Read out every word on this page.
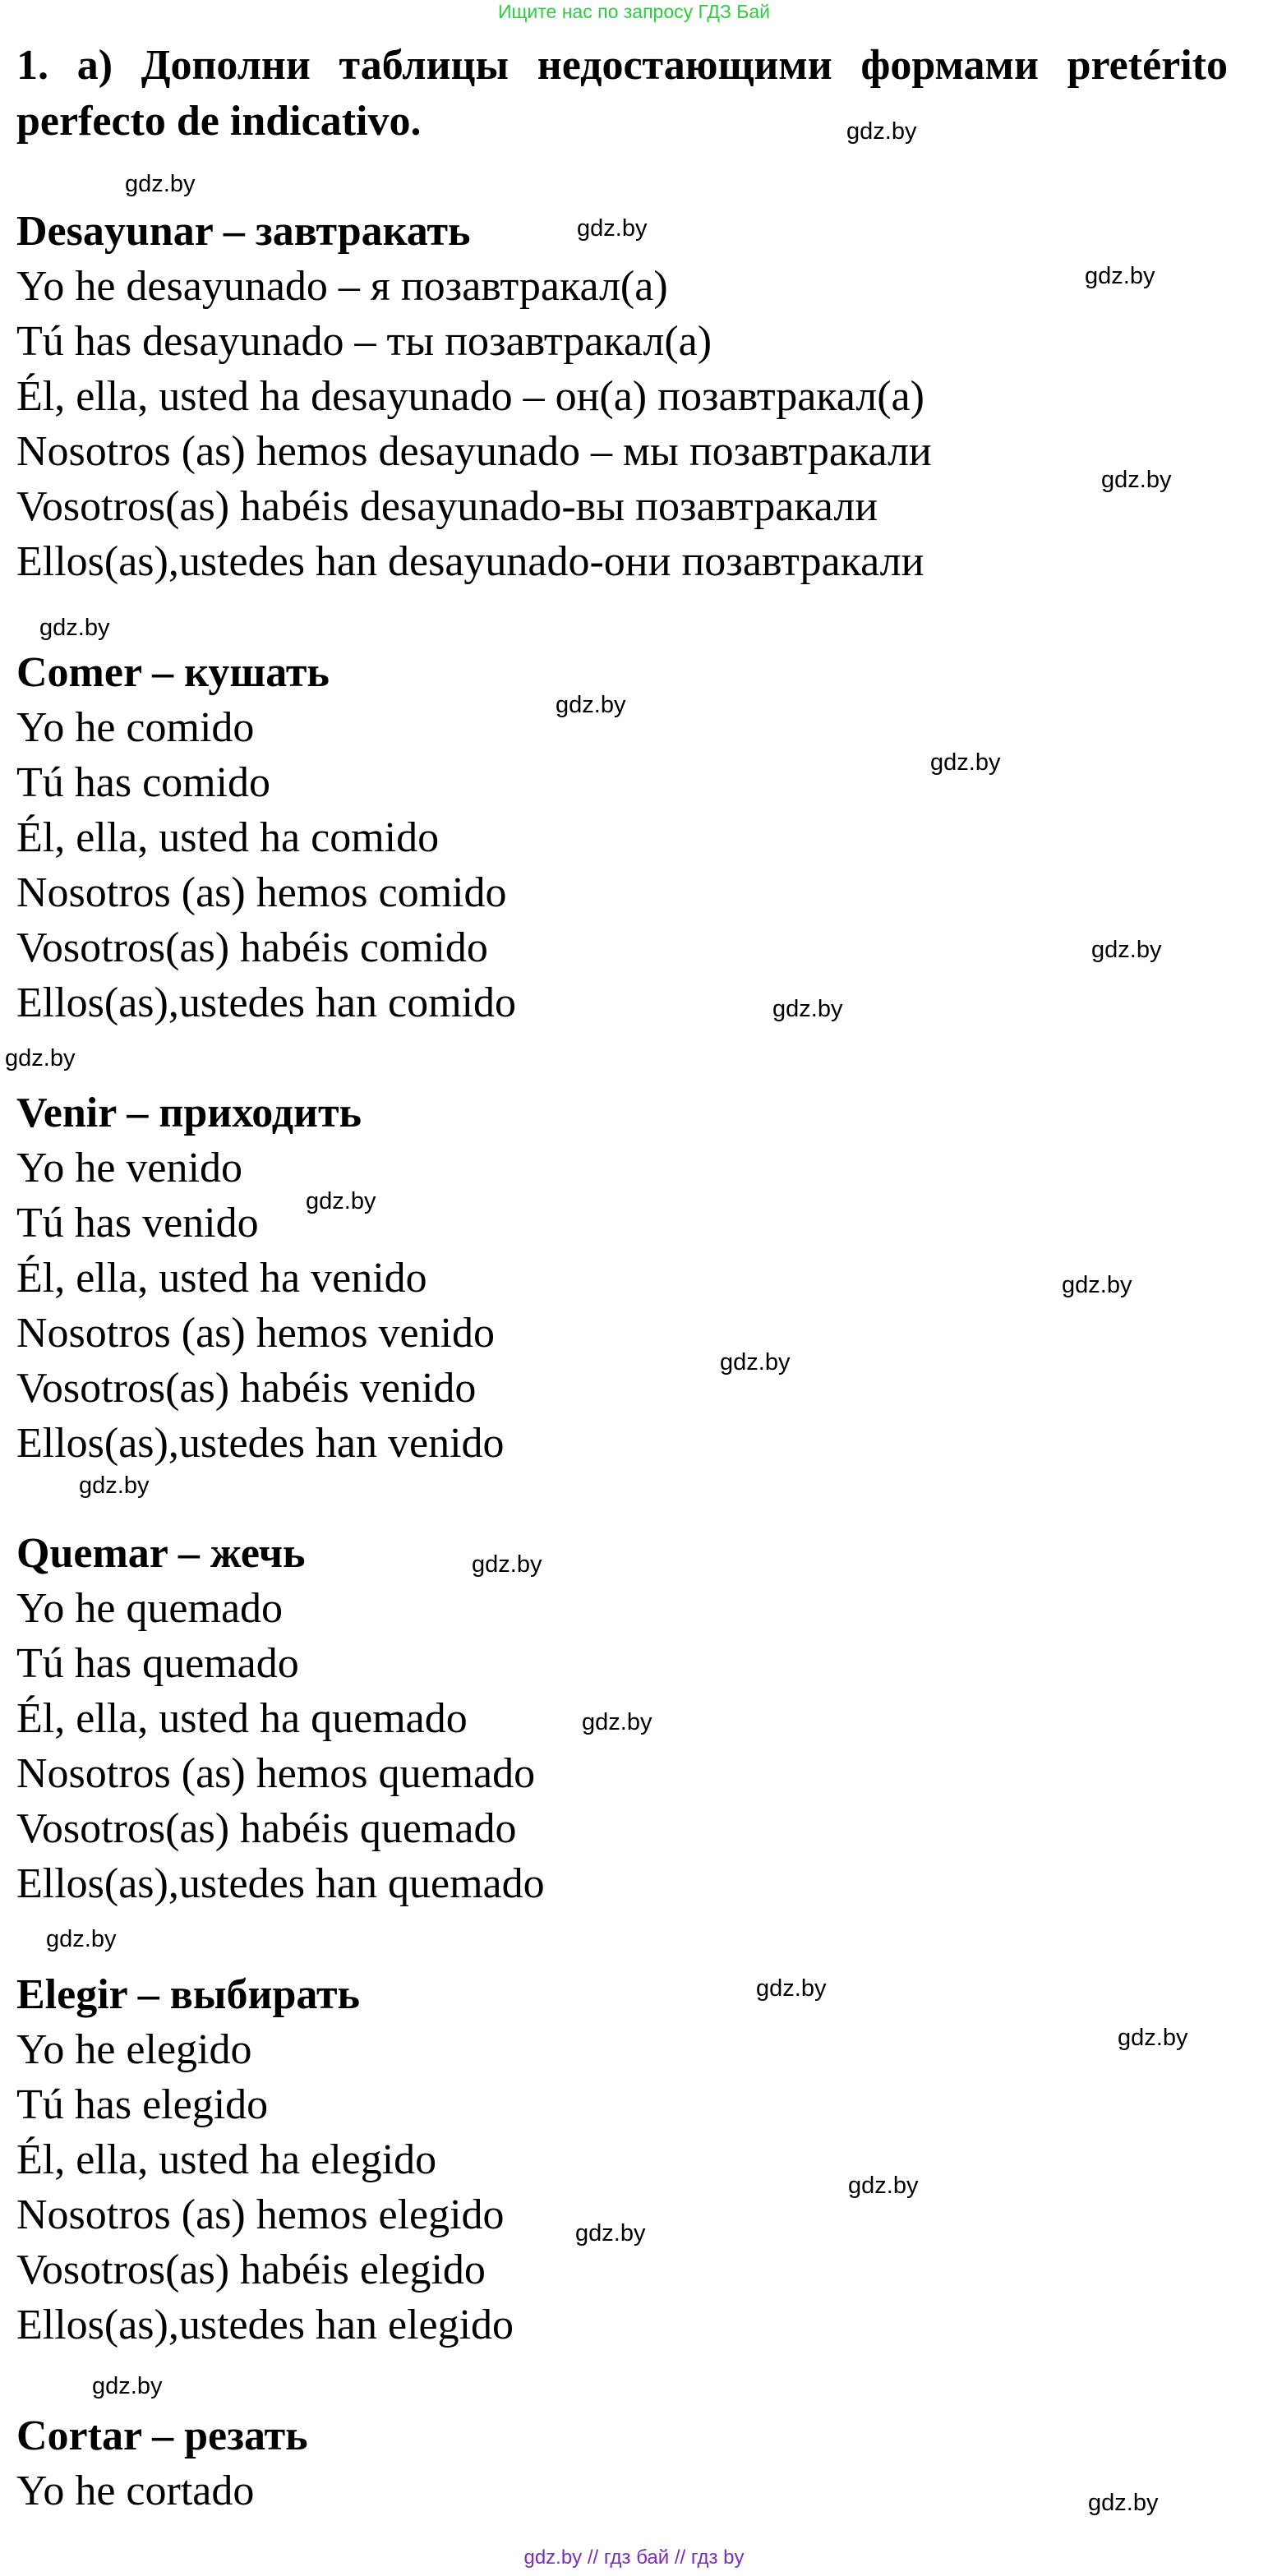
Ищите нас по запросу ГДЗ Бай
1. а) Дополни таблицы недостающими формами pretérito perfecto de indicativo.
Desayunar – завтракать
Yo he desayunado – я позавтракал(а)
Tú has desayunado – ты позавтракал(а)
Él, ella, usted ha desayunado – он(а) позавтракал(а)
Nosotros (as) hemos desayunado – мы позавтракали
Vosotros(as) habéis desayunado-вы позавтракали
Ellos(as),ustedes han desayunado-они позавтракали
Comer – кушать
Yo he comido
Tú has comido
Él, ella, usted ha comido
Nosotros (as) hemos comido
Vosotros(as) habéis comido
Ellos(as),ustedes han comido
Venir – приходить
Yo he venido
Tú has venido
Él, ella, usted ha venido
Nosotros (as) hemos venido
Vosotros(as) habéis venido
Ellos(as),ustedes han venido
Quemar – жечь
Yo he quemado
Tú has quemado
Él, ella, usted ha quemado
Nosotros (as) hemos quemado
Vosotros(as) habéis quemado
Ellos(as),ustedes han quemado
Elegir – выбирать
Yo he elegido
Tú has elegido
Él, ella, usted ha elegido
Nosotros (as) hemos elegido
Vosotros(as) habéis elegido
Ellos(as),ustedes han elegido
Cortar – резать
Yo he cortado
gdz.by
gdz.by
gdz.by
gdz.by
gdz.by
gdz.by
gdz.by
gdz.by
gdz.by
gdz.by
gdz.by
gdz.by
gdz.by
gdz.by
gdz.by
gdz.by
gdz.by
gdz.by
gdz.by
gdz.by
gdz.by
gdz.by
gdz.by
gdz.by
gdz.by // гдз бай // гдз by
